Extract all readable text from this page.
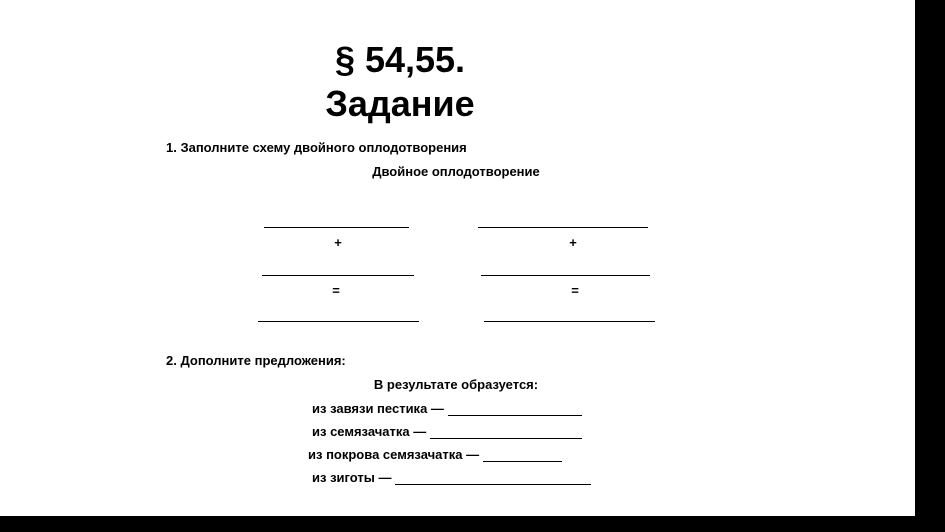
§ 54,55.
Задание
1. Заполните схему двойного оплодотворения
Двойное оплодотворение
+
=
+
=
2. Дополните предложения:
В результате образуется:
из завязи пестика —
из семязачатка —
из покрова семязачатка —
из зиготы —
